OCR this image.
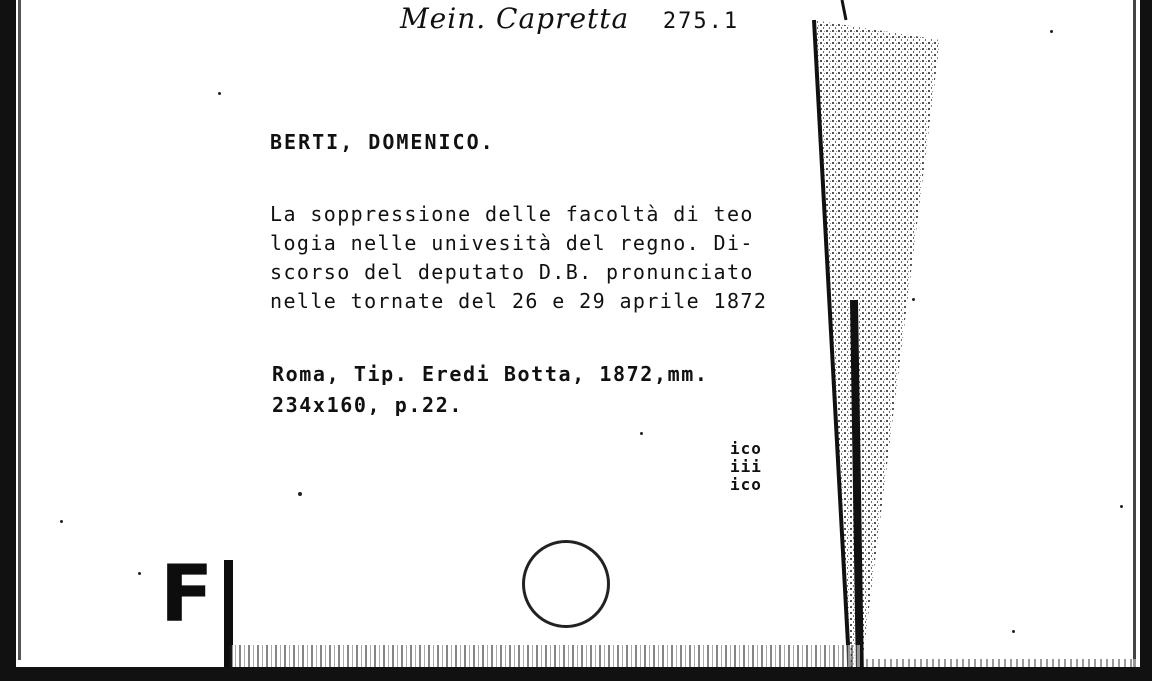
Mein. Capretta 275.1
BERTI, DOMENICO.
La soppressione delle facoltà di teo
logia nelle univesità del regno. Di-
scorso del deputato D.B. pronunciato
nelle tornate del 26 e 29 aprile 1872
Roma, Tip. Eredi Botta, 1872,mm.
234x160, p.22.
ico
iii
ico
F
